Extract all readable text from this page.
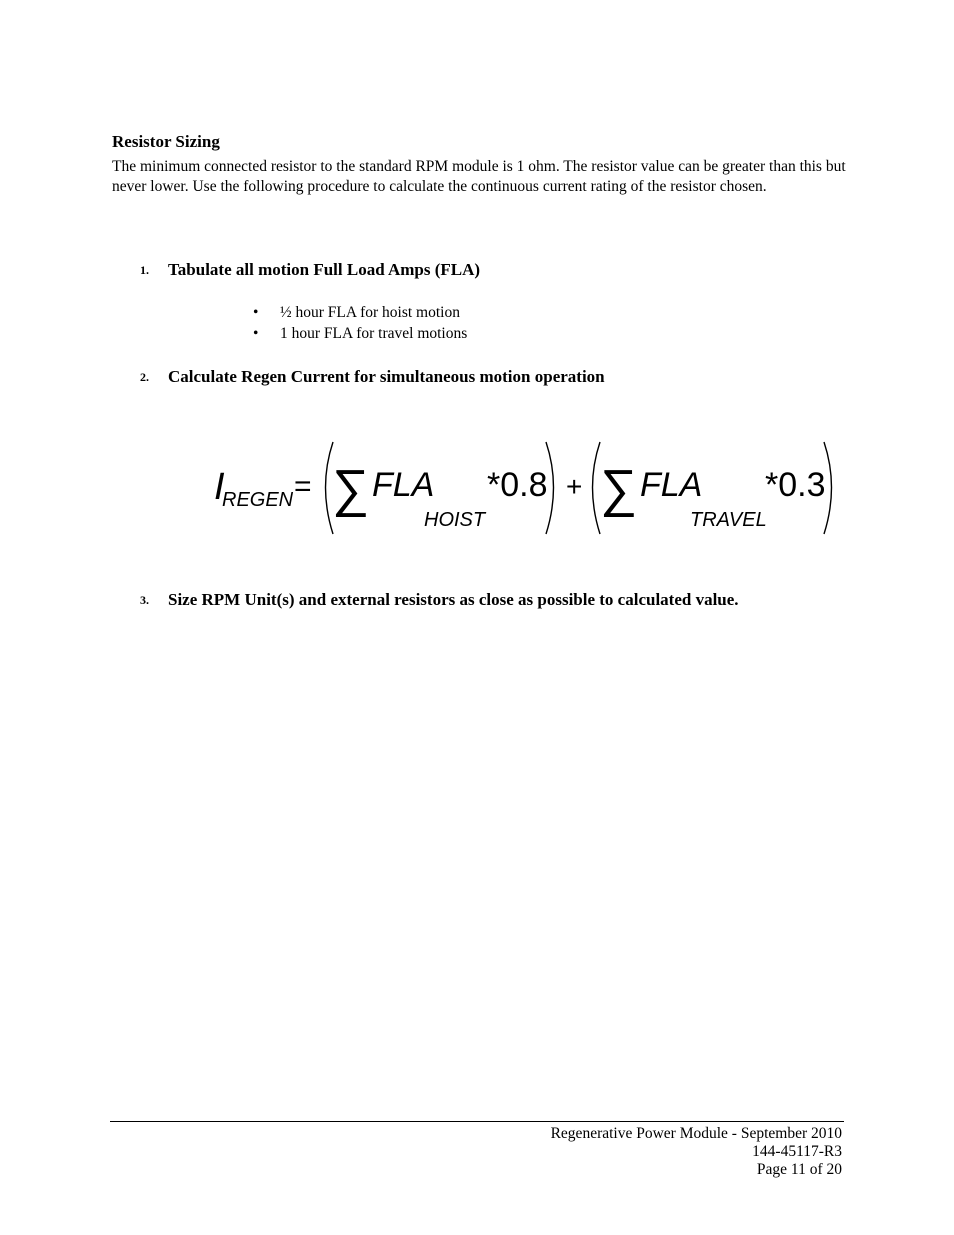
Resistor Sizing
The minimum connected resistor to the standard RPM module is 1 ohm. The resistor value can be greater than this but never lower. Use the following procedure to calculate the continuous current rating of the resistor chosen.
1. Tabulate all motion Full Load Amps (FLA)
• ½ hour FLA for hoist motion
• 1 hour FLA for travel motions
2. Calculate Regen Current for simultaneous motion operation
I
REGEN = ∑ FLA
HOIST
*0.8 + ∑ FLA
TRAVEL
*0.3
3. Size RPM Unit(s) and external resistors as close as possible to calculated value.
Regenerative Power Module - September 2010
144-45117-R3
Page 11 of 20
